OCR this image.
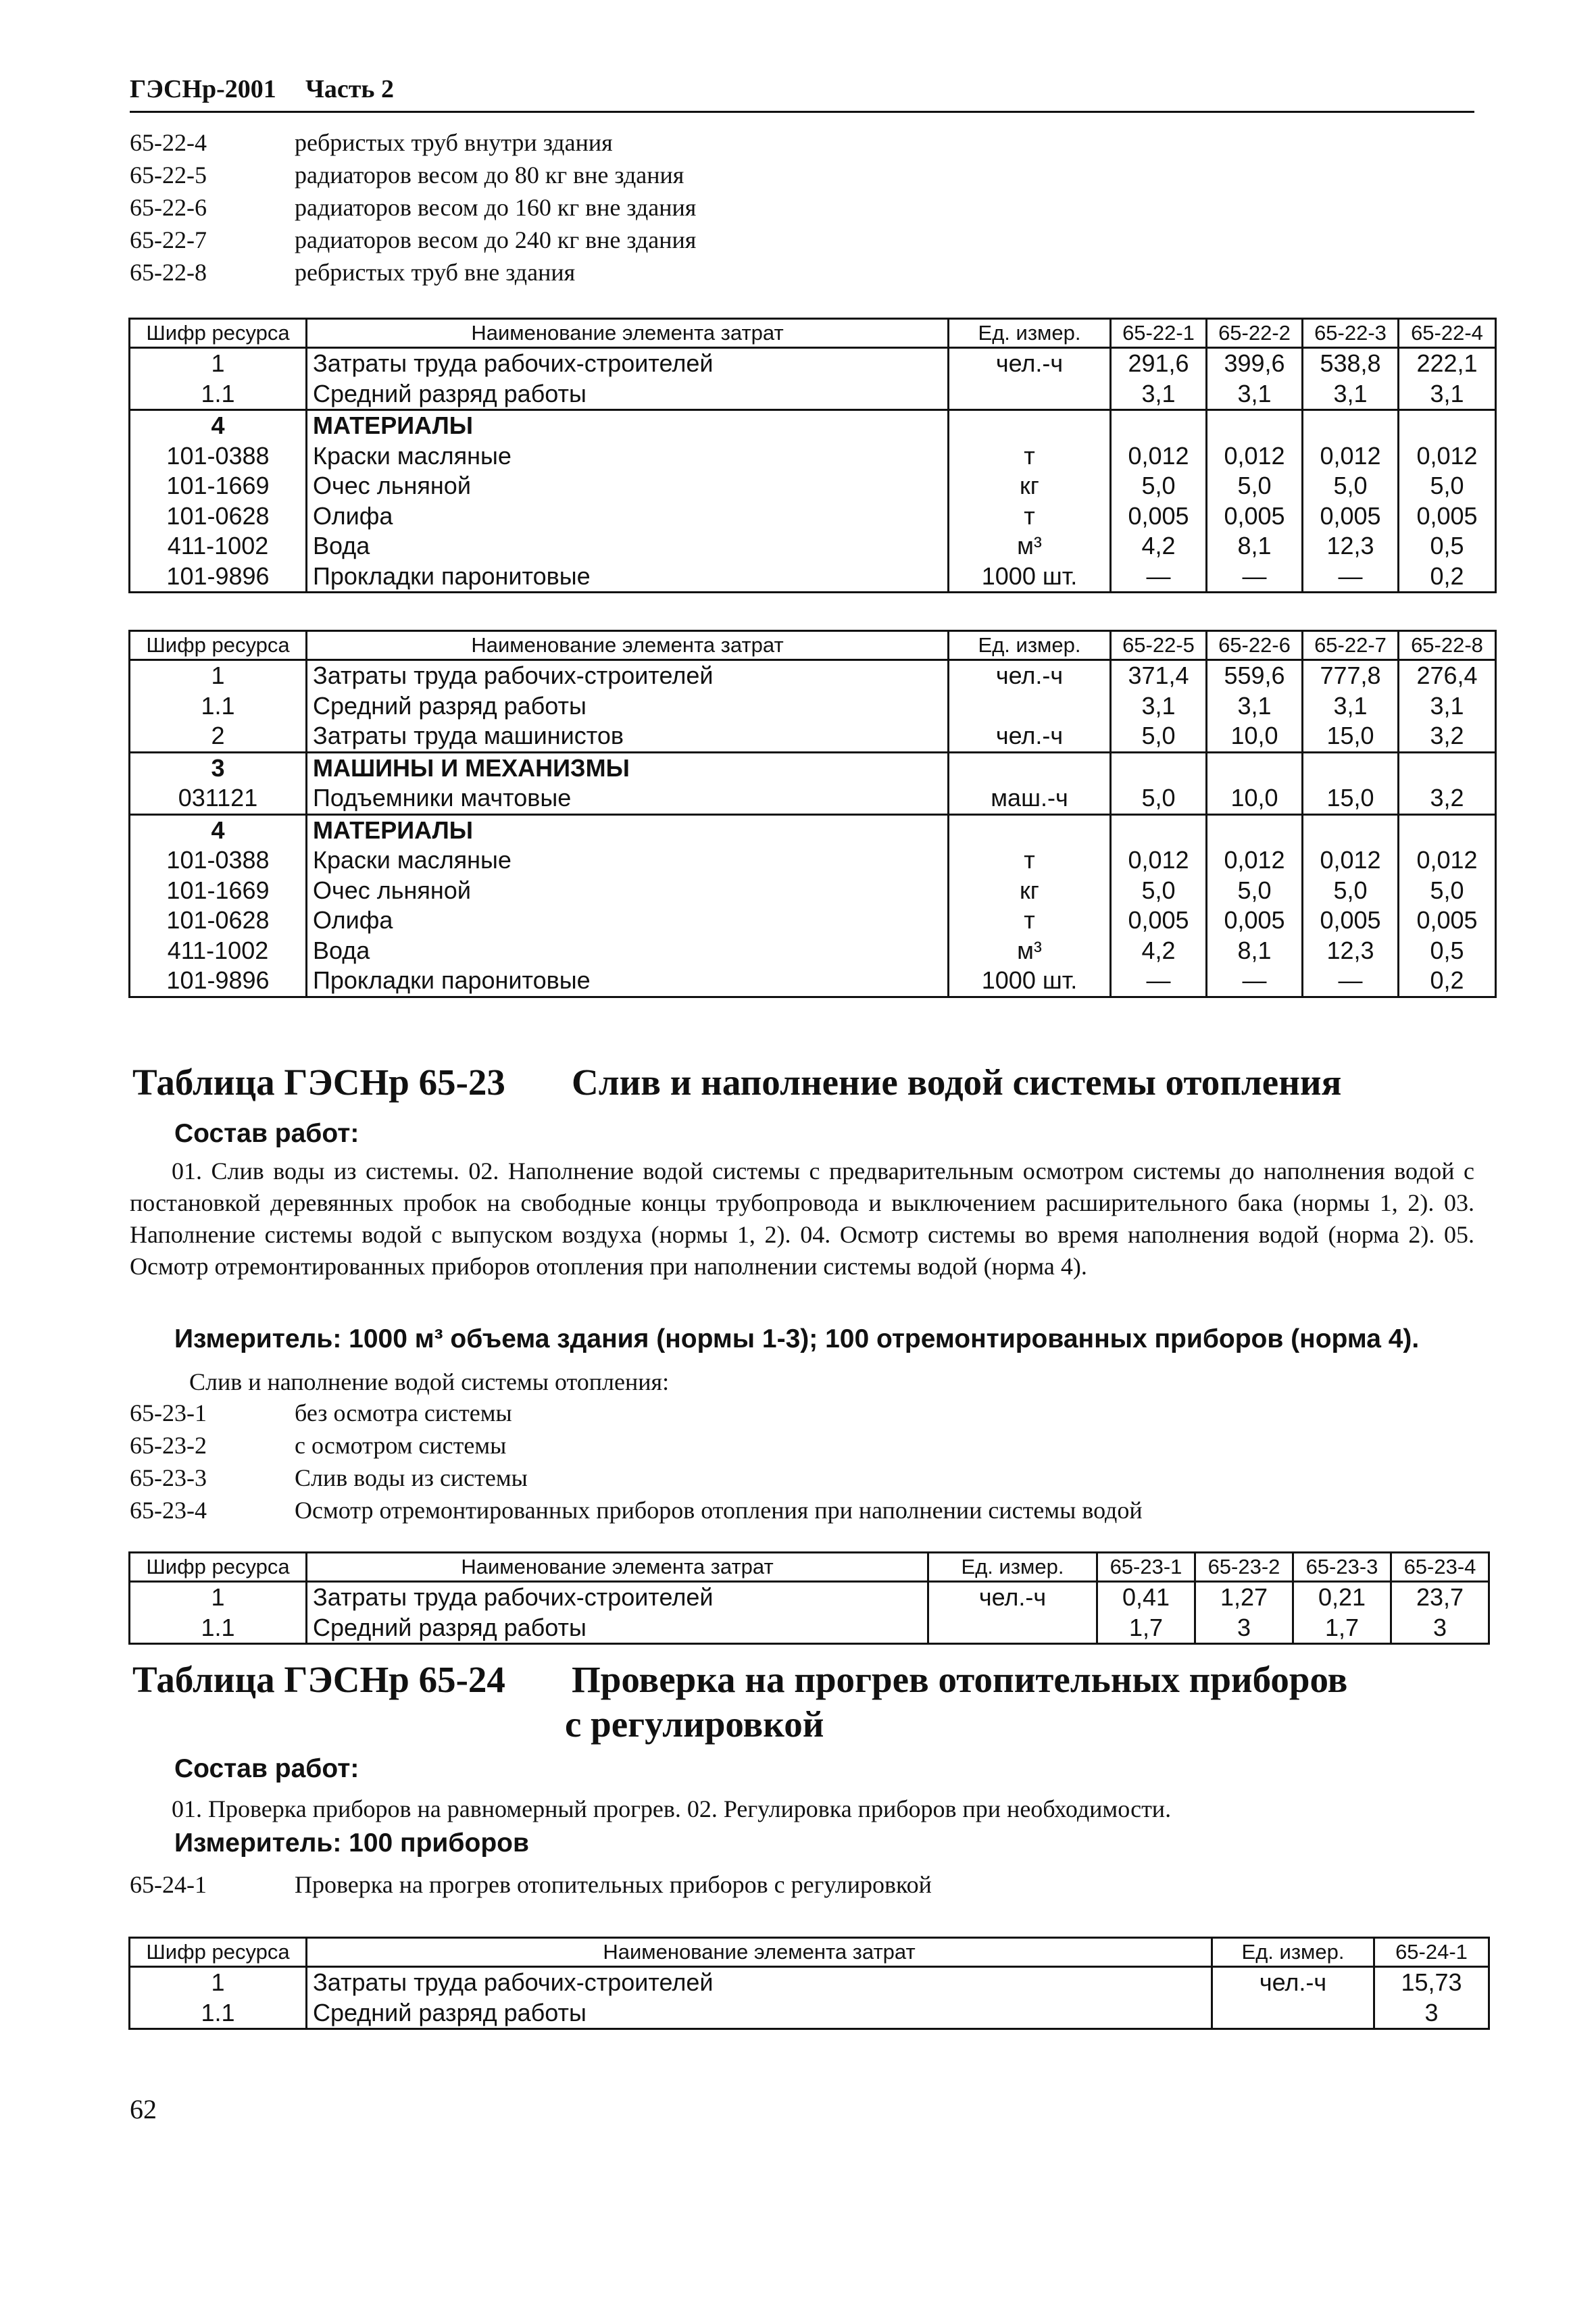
ГЭСНр-2001 Часть 2
65-22-4	ребристых труб внутри здания
65-22-5	радиаторов весом до 80 кг вне здания
65-22-6	радиаторов весом до 160 кг вне здания
65-22-7	радиаторов весом до 240 кг вне здания
65-22-8	ребристых труб вне здания
Шифр ресурса	Наименование элемента затрат	Ед. измер.	65-22-1	65-22-2	65-22-3	65-22-4
1	Затраты труда рабочих-строителей	чел.-ч	291,6	399,6	538,8	222,1
1.1	Средний разряд работы		3,1	3,1	3,1	3,1
4	МАТЕРИАЛЫ					
101-0388	Краски масляные	т	0,012	0,012	0,012	0,012
101-1669	Очес льняной	кг	5,0	5,0	5,0	5,0
101-0628	Олифа	т	0,005	0,005	0,005	0,005
411-1002	Вода	м³	4,2	8,1	12,3	0,5
101-9896	Прокладки паронитовые	1000 шт.	—	—	—	0,2
Шифр ресурса	Наименование элемента затрат	Ед. измер.	65-22-5	65-22-6	65-22-7	65-22-8
1	Затраты труда рабочих-строителей	чел.-ч	371,4	559,6	777,8	276,4
1.1	Средний разряд работы		3,1	3,1	3,1	3,1
2	Затраты труда машинистов	чел.-ч	5,0	10,0	15,0	3,2
3	МАШИНЫ И МЕХАНИЗМЫ					
031121	Подъемники мачтовые	маш.-ч	5,0	10,0	15,0	3,2
4	МАТЕРИАЛЫ					
101-0388	Краски масляные	т	0,012	0,012	0,012	0,012
101-1669	Очес льняной	кг	5,0	5,0	5,0	5,0
101-0628	Олифа	т	0,005	0,005	0,005	0,005
411-1002	Вода	м³	4,2	8,1	12,3	0,5
101-9896	Прокладки паронитовые	1000 шт.	—	—	—	0,2
Таблица ГЭСНр 65-23 Слив и наполнение водой системы отопления
Состав работ:
01. Слив воды из системы. 02. Наполнение водой системы с предварительным осмотром системы до наполнения водой с постановкой деревянных пробок на свободные концы трубопровода и выключением расширительного бака (нормы 1, 2). 03. Наполнение системы водой с выпуском воздуха (нормы 1, 2). 04. Осмотр системы во время наполнения водой (норма 2). 05. Осмотр отремонтированных приборов отопления при наполнении системы водой (норма 4).
Измеритель: 1000 м³ объема здания (нормы 1-3); 100 отремонтированных приборов (норма 4).
Слив и наполнение водой системы отопления:
65-23-1	без осмотра системы
65-23-2	с осмотром системы
65-23-3	Слив воды из системы
65-23-4	Осмотр отремонтированных приборов отопления при наполнении системы водой
Шифр ресурса	Наименование элемента затрат	Ед. измер.	65-23-1	65-23-2	65-23-3	65-23-4
1	Затраты труда рабочих-строителей	чел.-ч	0,41	1,27	0,21	23,7
1.1	Средний разряд работы		1,7	3	1,7	3
Таблица ГЭСНр 65-24 Проверка на прогрев отопительных приборов
с регулировкой
Состав работ:
01. Проверка приборов на равномерный прогрев. 02. Регулировка приборов при необходимости.
Измеритель: 100 приборов
65-24-1	Проверка на прогрев отопительных приборов с регулировкой
Шифр ресурса	Наименование элемента затрат	Ед. измер.	65-24-1
1	Затраты труда рабочих-строителей	чел.-ч	15,73
1.1	Средний разряд работы		3
62
